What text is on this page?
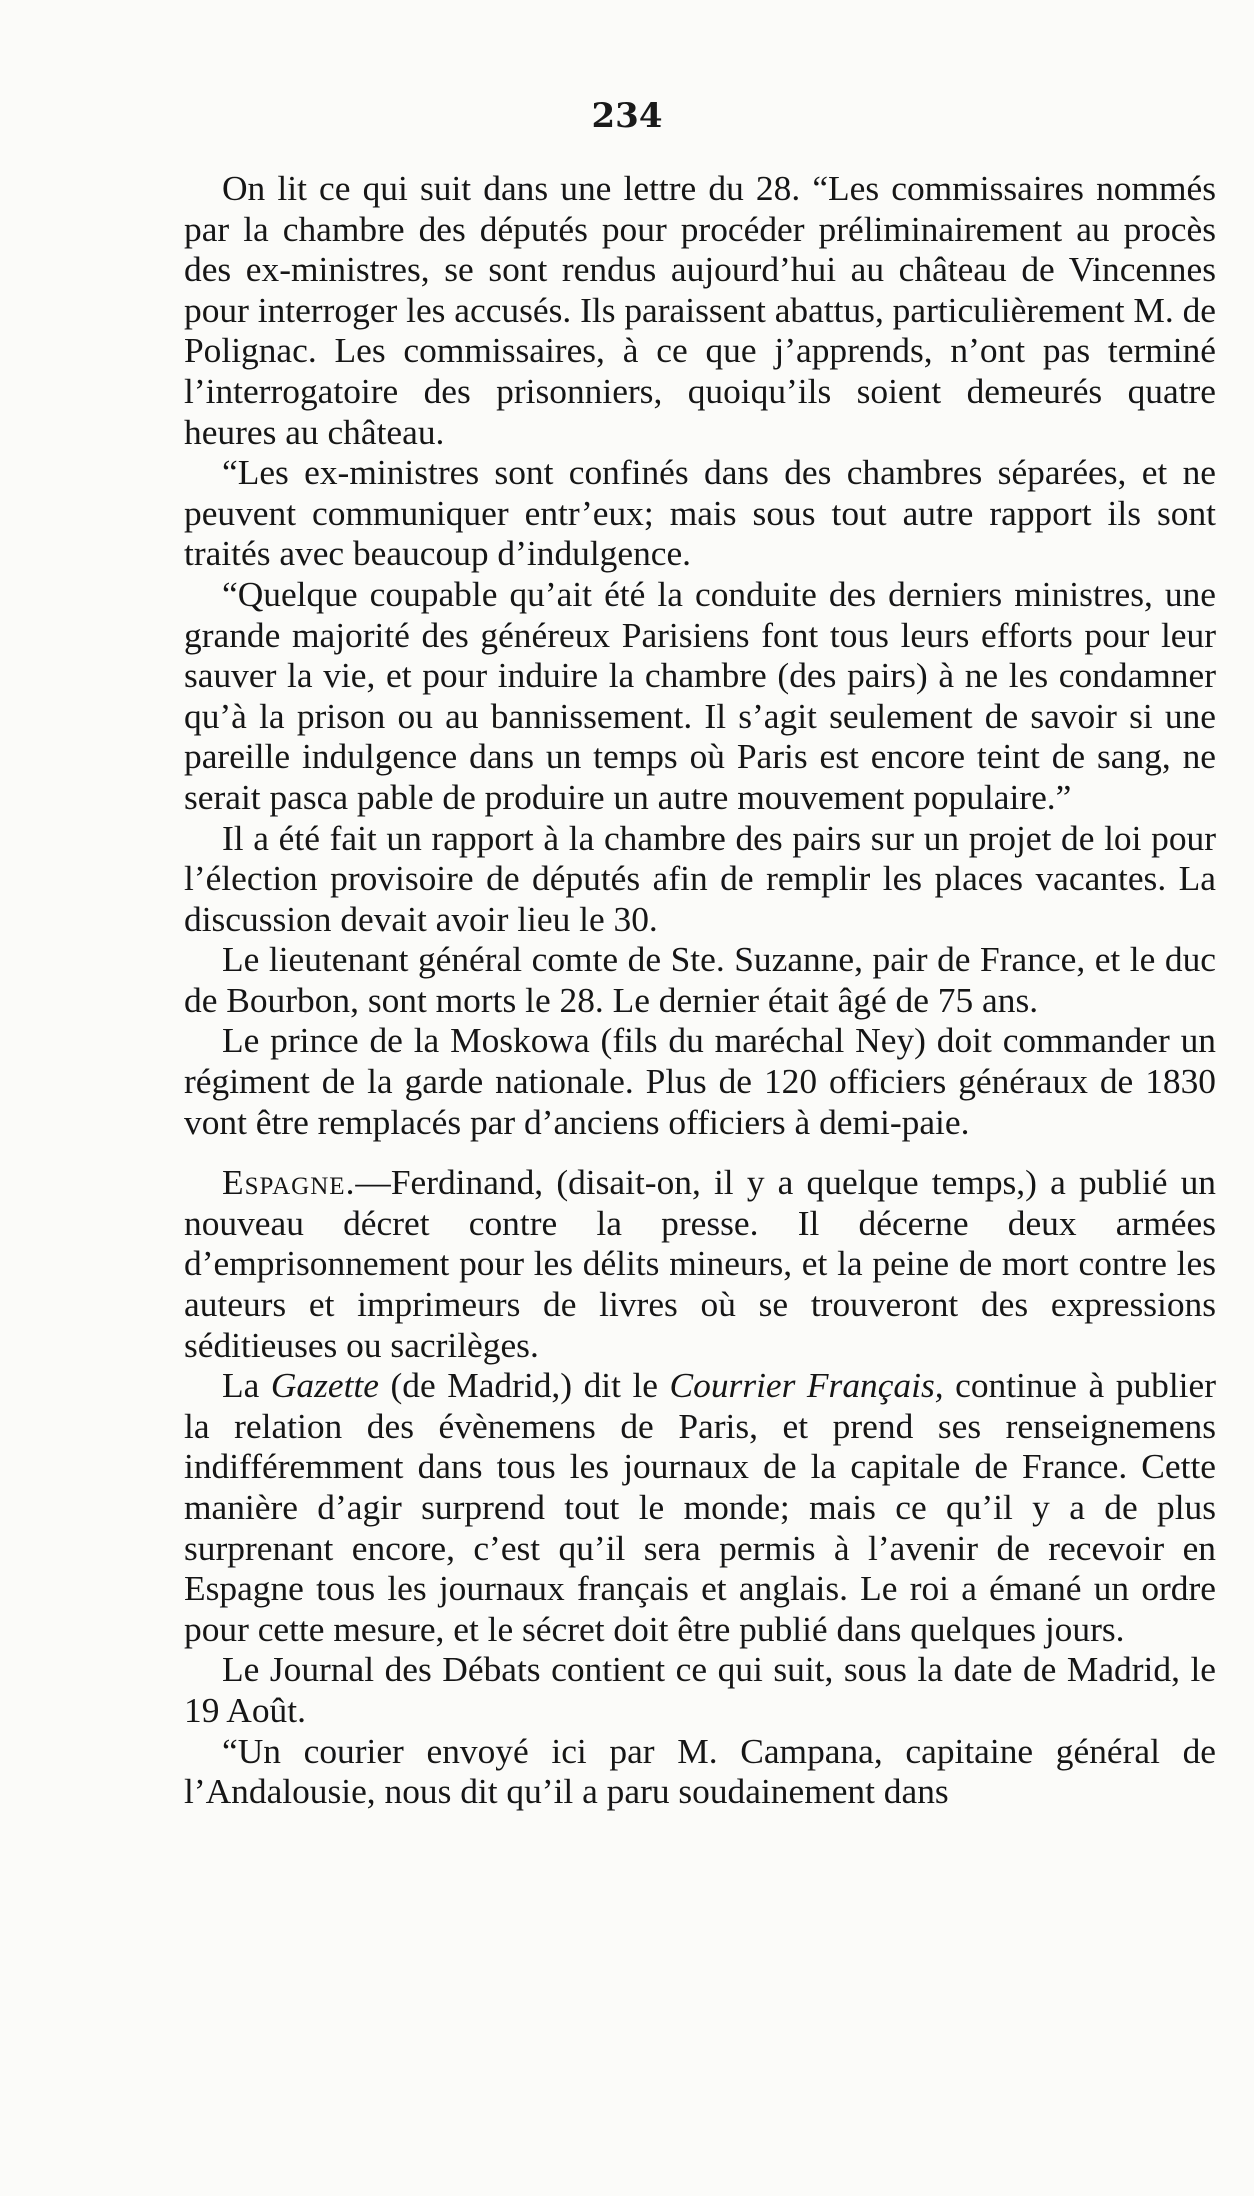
234

On lit ce qui suit dans une lettre du 28. “Les commissaires nommés par la chambre des députés pour procéder préliminairement au procès des ex-ministres, se sont rendus aujourd’hui au château de Vincennes pour interroger les accusés. Ils paraissent abattus, particulièrement M. de Polignac. Les commissaires, à ce que j’apprends, n’ont pas terminé l’interrogatoire des prisonniers, quoiqu’ils soient demeurés quatre heures au château.

“Les ex-ministres sont confinés dans des chambres séparées, et ne peuvent communiquer entr’eux; mais sous tout autre rapport ils sont traités avec beaucoup d’indulgence.

“Quelque coupable qu’ait été la conduite des derniers ministres, une grande majorité des généreux Parisiens font tous leurs efforts pour leur sauver la vie, et pour induire la chambre (des pairs) à ne les condamner qu’à la prison ou au bannissement. Il s’agit seulement de savoir si une pareille indulgence dans un temps où Paris est encore teint de sang, ne serait pasca pable de produire un autre mouvement populaire.”

Il a été fait un rapport à la chambre des pairs sur un projet de loi pour l’élection provisoire de députés afin de remplir les places vacantes. La discussion devait avoir lieu le 30.

Le lieutenant général comte de Ste. Suzanne, pair de France, et le duc de Bourbon, sont morts le 28. Le dernier était âgé de 75 ans.

Le prince de la Moskowa (fils du maréchal Ney) doit commander un régiment de la garde nationale. Plus de 120 officiers généraux de 1830 vont être remplacés par d’anciens officiers à demi-paie.

Espagne.—Ferdinand, (disait-on, il y a quelque temps,) a publié un nouveau décret contre la presse. Il décerne deux armées d’emprisonnement pour les délits mineurs, et la peine de mort contre les auteurs et imprimeurs de livres où se trouveront des expressions séditieuses ou sacrilèges.

La Gazette (de Madrid,) dit le Courrier Français, continue à publier la relation des évènemens de Paris, et prend ses renseignemens indifféremment dans tous les journaux de la capitale de France. Cette manière d’agir surprend tout le monde; mais ce qu’il y a de plus surprenant encore, c’est qu’il sera permis à l’avenir de recevoir en Espagne tous les journaux français et anglais. Le roi a émané un ordre pour cette mesure, et le sécret doit être publié dans quelques jours.

Le Journal des Débats contient ce qui suit, sous la date de Madrid, le 19 Août.

“Un courier envoyé ici par M. Campana, capitaine général de l’Andalousie, nous dit qu’il a paru soudainement dans
